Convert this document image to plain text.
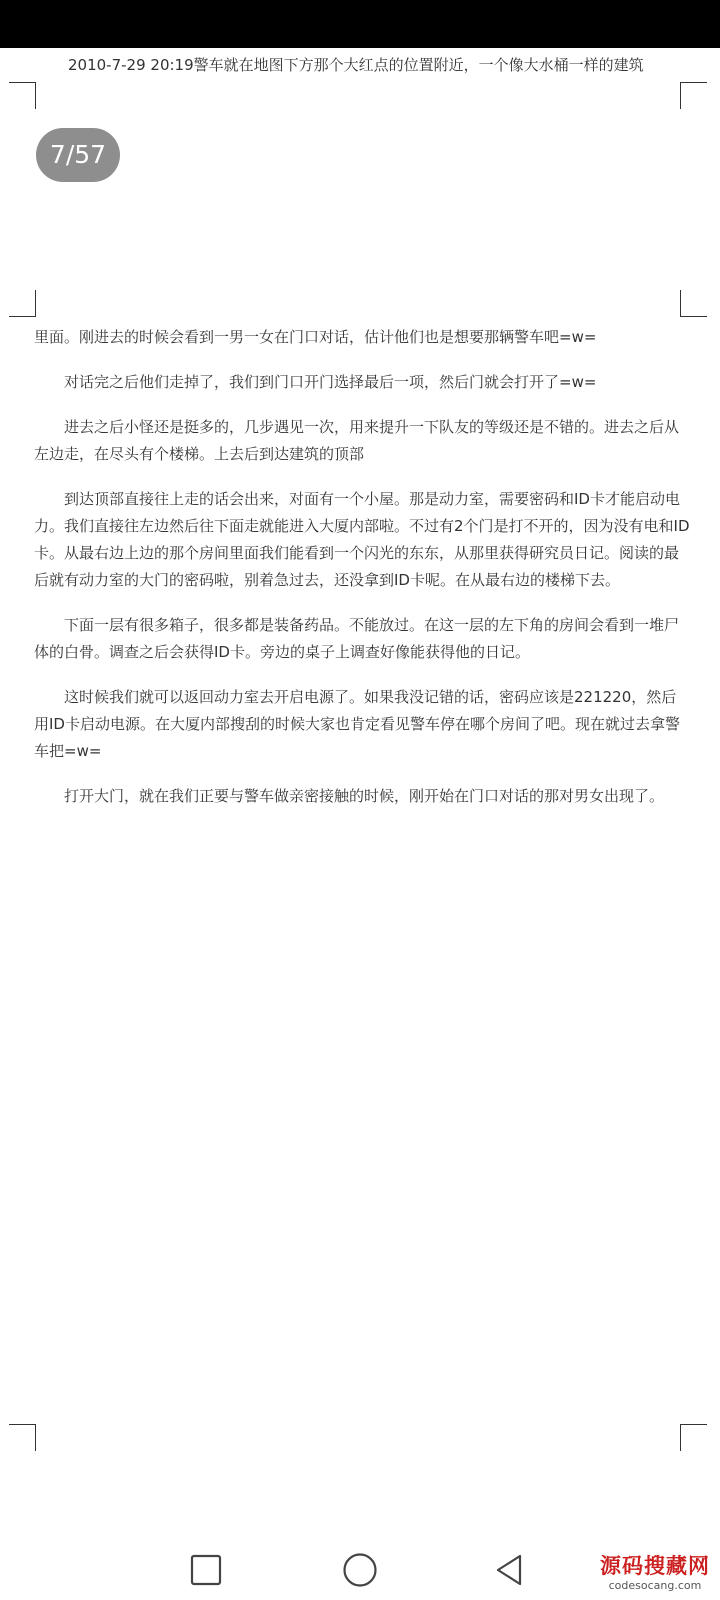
2010-7-29 20:19警车就在地图下方那个大红点的位置附近，一个像大水桶一样的建筑
7/57

里面。刚进去的时候会看到一男一女在门口对话，估计他们也是想要那辆警车吧=w=

对话完之后他们走掉了，我们到门口开门选择最后一项，然后门就会打开了=w=

进去之后小怪还是挺多的，几步遇见一次，用来提升一下队友的等级还是不错的。进去之后从左边走，在尽头有个楼梯。上去后到达建筑的顶部

到达顶部直接往上走的话会出来，对面有一个小屋。那是动力室，需要密码和ID卡才能启动电力。我们直接往左边然后往下面走就能进入大厦内部啦。不过有2个门是打不开的，因为没有电和ID卡。从最右边上边的那个房间里面我们能看到一个闪光的东东，从那里获得研究员日记。阅读的最后就有动力室的大门的密码啦，别着急过去，还没拿到ID卡呢。在从最右边的楼梯下去。

下面一层有很多箱子，很多都是装备药品。不能放过。在这一层的左下角的房间会看到一堆尸体的白骨。调查之后会获得ID卡。旁边的桌子上调查好像能获得他的日记。

这时候我们就可以返回动力室去开启电源了。如果我没记错的话，密码应该是221220，然后用ID卡启动电源。在大厦内部搜刮的时候大家也肯定看见警车停在哪个房间了吧。现在就过去拿警车把=w=

打开大门，就在我们正要与警车做亲密接触的时候，刚开始在门口对话的那对男女出现了。

源码搜藏网
codesocang.com
